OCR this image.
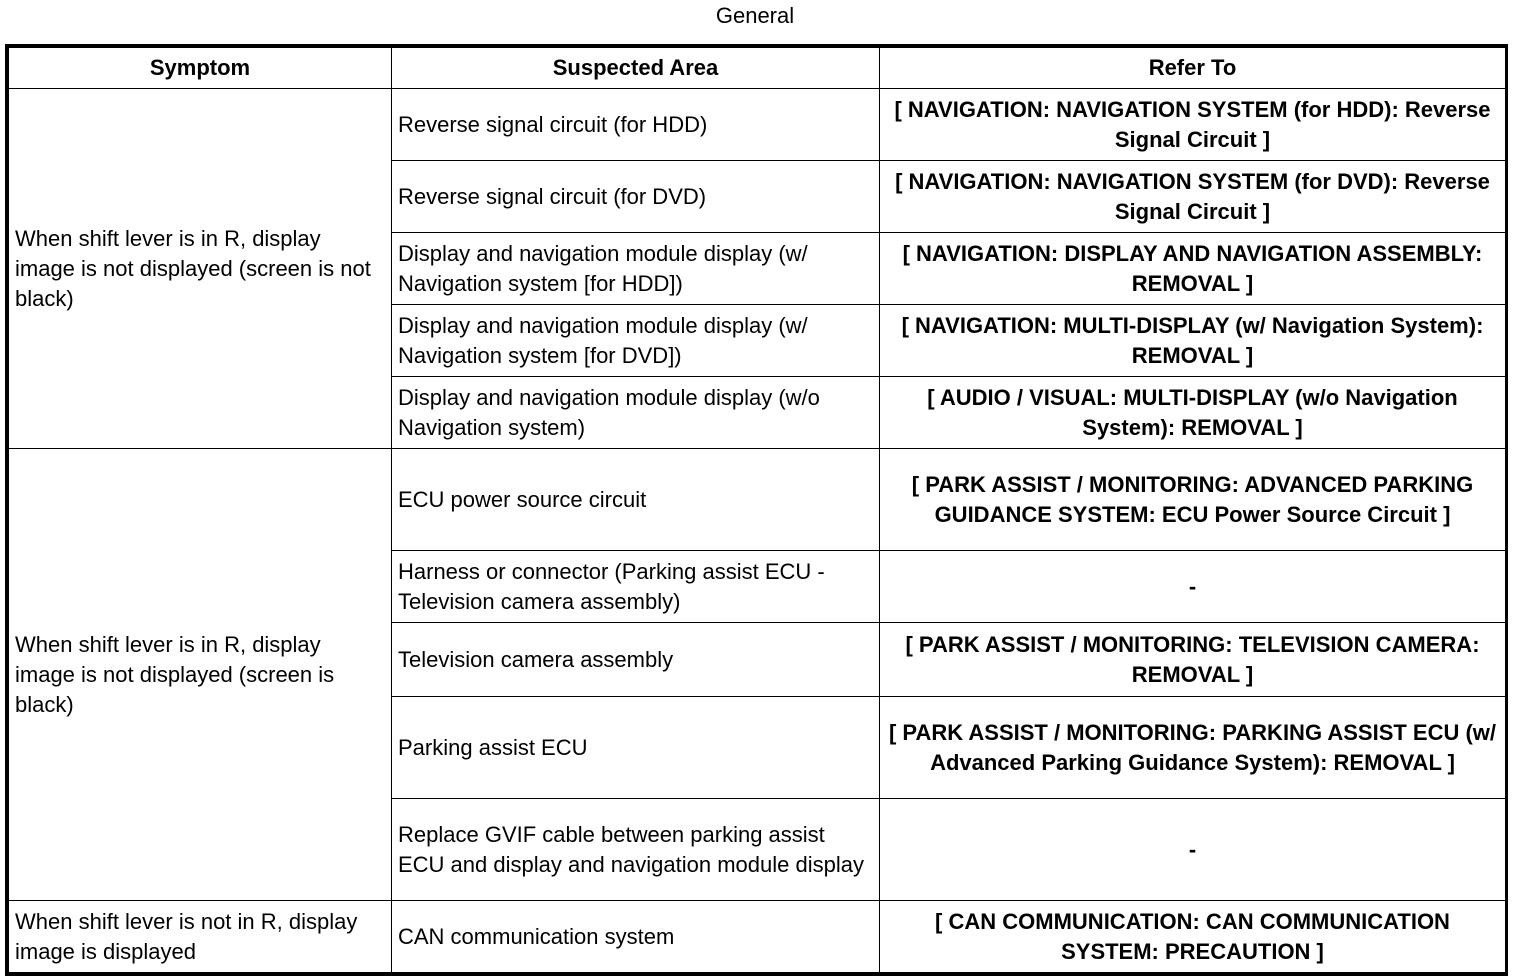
General
Symptom	Suspected Area	Refer To
When shift lever is in R, display image is not displayed (screen is not black)	Reverse signal circuit (for HDD)	[ NAVIGATION: NAVIGATION SYSTEM (for HDD): Reverse Signal Circuit ]
	Reverse signal circuit (for DVD)	[ NAVIGATION: NAVIGATION SYSTEM (for DVD): Reverse Signal Circuit ]
	Display and navigation module display (w/ Navigation system [for HDD])	[ NAVIGATION: DISPLAY AND NAVIGATION ASSEMBLY: REMOVAL ]
	Display and navigation module display (w/ Navigation system [for DVD])	[ NAVIGATION: MULTI-DISPLAY (w/ Navigation System): REMOVAL ]
	Display and navigation module display (w/o Navigation system)	[ AUDIO / VISUAL: MULTI-DISPLAY (w/o Navigation System): REMOVAL ]
When shift lever is in R, display image is not displayed (screen is black)	ECU power source circuit	[ PARK ASSIST / MONITORING: ADVANCED PARKING GUIDANCE SYSTEM: ECU Power Source Circuit ]
	Harness or connector (Parking assist ECU - Television camera assembly)	-
	Television camera assembly	[ PARK ASSIST / MONITORING: TELEVISION CAMERA: REMOVAL ]
	Parking assist ECU	[ PARK ASSIST / MONITORING: PARKING ASSIST ECU (w/ Advanced Parking Guidance System): REMOVAL ]
	Replace GVIF cable between parking assist ECU and display and navigation module display	-
When shift lever is not in R, display image is displayed	CAN communication system	[ CAN COMMUNICATION: CAN COMMUNICATION SYSTEM: PRECAUTION ]
